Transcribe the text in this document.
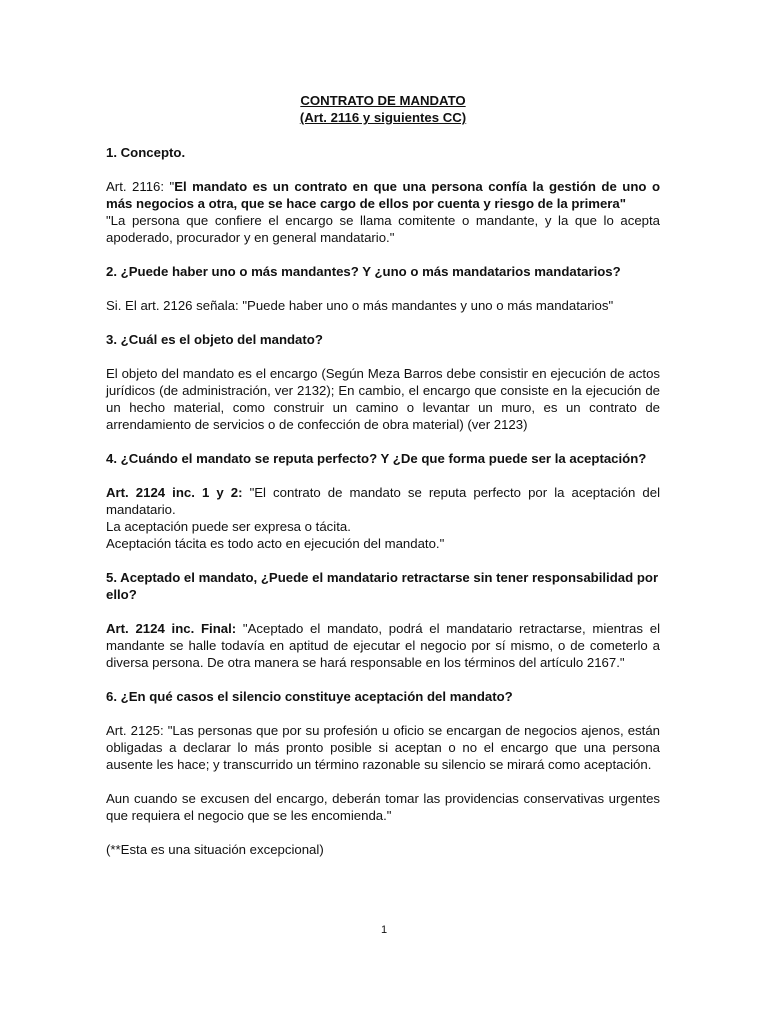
CONTRATO DE MANDATO

(Art. 2116 y siguientes CC)

1. Concepto.

Art. 2116: "El mandato es un contrato en que una persona confía la gestión de uno o más negocios a otra, que se hace cargo de ellos por cuenta y riesgo de la primera"

"La persona que confiere el encargo se llama comitente o mandante, y la que lo acepta apoderado, procurador y en general mandatario."

2. ¿Puede haber uno o más mandantes? Y ¿uno o más mandatarios mandatarios?

Si. El art. 2126 señala: "Puede haber uno o más mandantes y uno o más mandatarios"

3. ¿Cuál es el objeto del mandato?

El objeto del mandato es el encargo (Según Meza Barros debe consistir en ejecución de actos jurídicos (de administración, ver 2132); En cambio, el encargo que consiste en la ejecución de un hecho material, como construir un camino o levantar un muro, es un contrato de arrendamiento de servicios o de confección de obra material) (ver 2123)

4. ¿Cuándo el mandato se reputa perfecto? Y ¿De que forma puede ser la aceptación?

Art. 2124 inc. 1 y 2: "El contrato de mandato se reputa perfecto por la aceptación del mandatario.

La aceptación puede ser expresa o tácita.

Aceptación tácita es todo acto en ejecución del mandato."

5. Aceptado el mandato, ¿Puede el mandatario retractarse sin tener responsabilidad por ello?

Art. 2124 inc. Final: "Aceptado el mandato, podrá el mandatario retractarse, mientras el mandante se halle todavía en aptitud de ejecutar el negocio por sí mismo, o de cometerlo a diversa persona. De otra manera se hará responsable en los términos del artículo 2167."

6. ¿En qué casos el silencio constituye aceptación del mandato?

Art. 2125: "Las personas que por su profesión u oficio se encargan de negocios ajenos, están obligadas a declarar lo más pronto posible si aceptan o no el encargo que una persona ausente les hace; y transcurrido un término razonable su silencio se mirará como aceptación.

Aun cuando se excusen del encargo, deberán tomar las providencias conservativas urgentes que requiera el negocio que se les encomienda."

(**Esta es una situación excepcional)

1
